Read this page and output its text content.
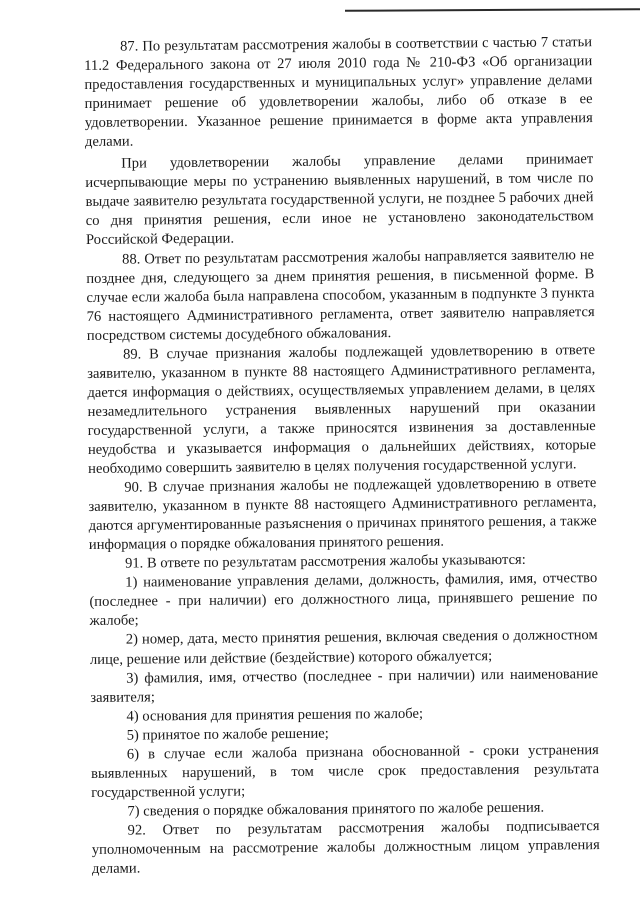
87. По результатам рассмотрения жалобы в соответствии с частью 7 статьи 11.2 Федерального закона от 27 июля 2010 года № 210-ФЗ «Об организации предоставления государственных и муниципальных услуг» управление делами принимает решение об удовлетворении жалобы, либо об отказе в ее удовлетворении. Указанное решение принимается в форме акта управления делами.

При удовлетворении жалобы управление делами принимает исчерпывающие меры по устранению выявленных нарушений, в том числе по выдаче заявителю результата государственной услуги, не позднее 5 рабочих дней со дня принятия решения, если иное не установлено законодательством Российской Федерации.

88. Ответ по результатам рассмотрения жалобы направляется заявителю не позднее дня, следующего за днем принятия решения, в письменной форме. В случае если жалоба была направлена способом, указанным в подпункте 3 пункта 76 настоящего Административного регламента, ответ заявителю направляется посредством системы досудебного обжалования.

89. В случае признания жалобы подлежащей удовлетворению в ответе заявителю, указанном в пункте 88 настоящего Административного регламента, дается информация о действиях, осуществляемых управлением делами, в целях незамедлительного устранения выявленных нарушений при оказании государственной услуги, а также приносятся извинения за доставленные неудобства и указывается информация о дальнейших действиях, которые необходимо совершить заявителю в целях получения государственной услуги.

90. В случае признания жалобы не подлежащей удовлетворению в ответе заявителю, указанном в пункте 88 настоящего Административного регламента, даются аргументированные разъяснения о причинах принятого решения, а также информация о порядке обжалования принятого решения.

91. В ответе по результатам рассмотрения жалобы указываются:

1) наименование управления делами, должность, фамилия, имя, отчество (последнее - при наличии) его должностного лица, принявшего решение по жалобе;

2) номер, дата, место принятия решения, включая сведения о должностном лице, решение или действие (бездействие) которого обжалуется;

3) фамилия, имя, отчество (последнее - при наличии) или наименование заявителя;

4) основания для принятия решения по жалобе;

5) принятое по жалобе решение;

6) в случае если жалоба признана обоснованной - сроки устранения выявленных нарушений, в том числе срок предоставления результата государственной услуги;

7) сведения о порядке обжалования принятого по жалобе решения.

92. Ответ по результатам рассмотрения жалобы подписывается уполномоченным на рассмотрение жалобы должностным лицом управления делами.
